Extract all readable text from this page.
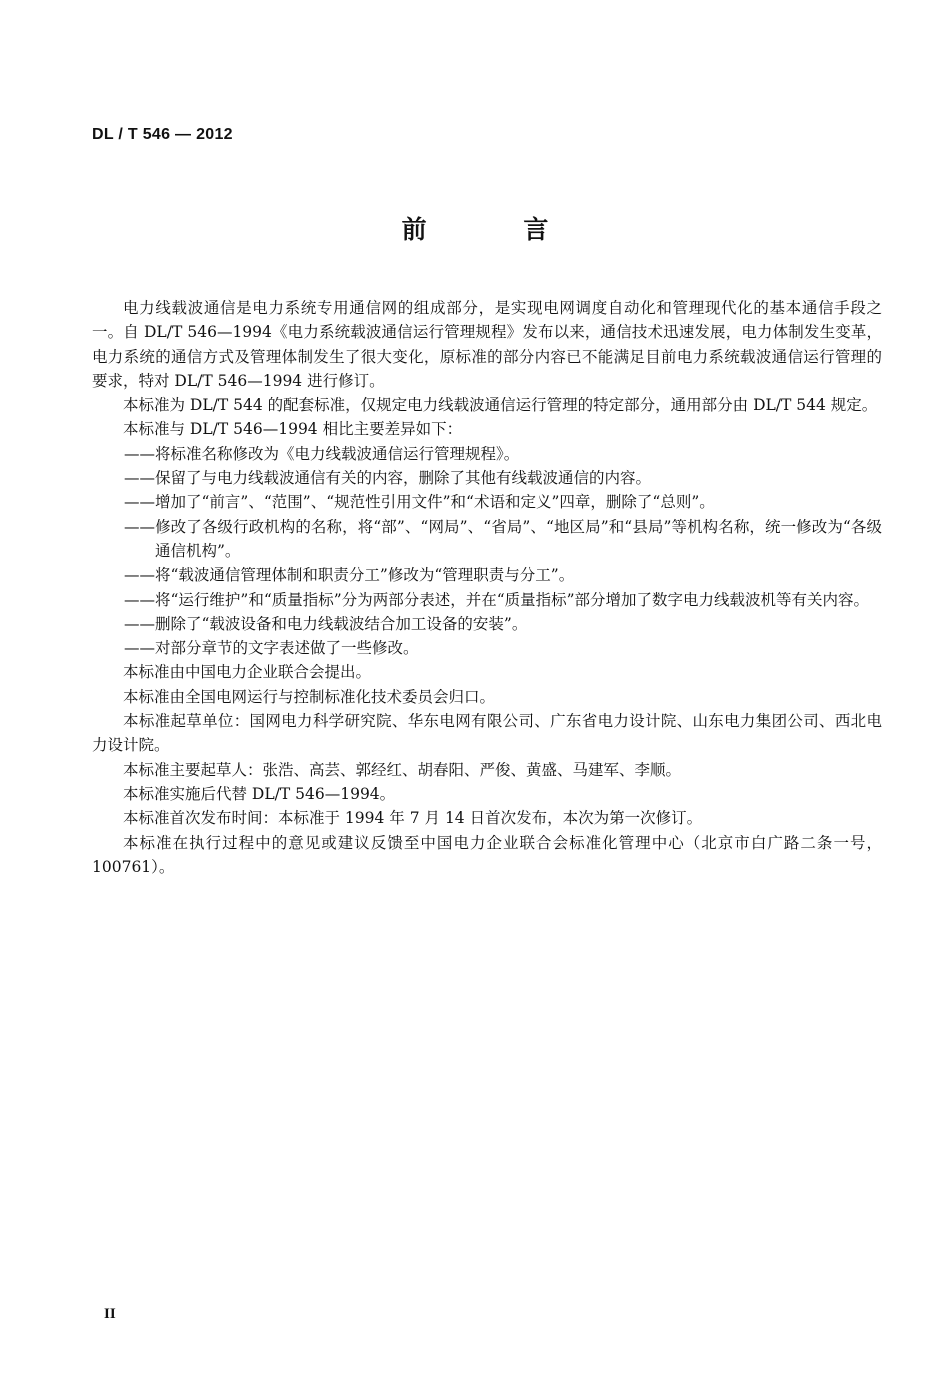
DL / T 546 — 2012
前 言

电力线载波通信是电力系统专用通信网的组成部分，是实现电网调度自动化和管理现代化的基本通信手段之一。自 DL/T 546—1994《电力系统载波通信运行管理规程》发布以来，通信技术迅速发展，电力体制发生变革，电力系统的通信方式及管理体制发生了很大变化，原标准的部分内容已不能满足目前电力系统载波通信运行管理的要求，特对 DL/T 546—1994 进行修订。

本标准为 DL/T 544 的配套标准，仅规定电力线载波通信运行管理的特定部分，通用部分由 DL/T 544 规定。

本标准与 DL/T 546—1994 相比主要差异如下：

——将标准名称修改为《电力线载波通信运行管理规程》。

——保留了与电力线载波通信有关的内容，删除了其他有线载波通信的内容。

——增加了“前言”、“范围”、“规范性引用文件”和“术语和定义”四章，删除了“总则”。

——修改了各级行政机构的名称，将“部”、“网局”、“省局”、“地区局”和“县局”等机构名称，统一修改为“各级通信机构”。

——将“载波通信管理体制和职责分工”修改为“管理职责与分工”。

——将“运行维护”和“质量指标”分为两部分表述，并在“质量指标”部分增加了数字电力线载波机等有关内容。

——删除了“载波设备和电力线载波结合加工设备的安装”。

——对部分章节的文字表述做了一些修改。

本标准由中国电力企业联合会提出。

本标准由全国电网运行与控制标准化技术委员会归口。

本标准起草单位：国网电力科学研究院、华东电网有限公司、广东省电力设计院、山东电力集团公司、西北电力设计院。

本标准主要起草人：张浩、高芸、郭经红、胡春阳、严俊、黄盛、马建军、李顺。

本标准实施后代替 DL/T 546—1994。

本标准首次发布时间：本标准于 1994 年 7 月 14 日首次发布，本次为第一次修订。

本标准在执行过程中的意见或建议反馈至中国电力企业联合会标准化管理中心（北京市白广路二条一号，100761）。

II
